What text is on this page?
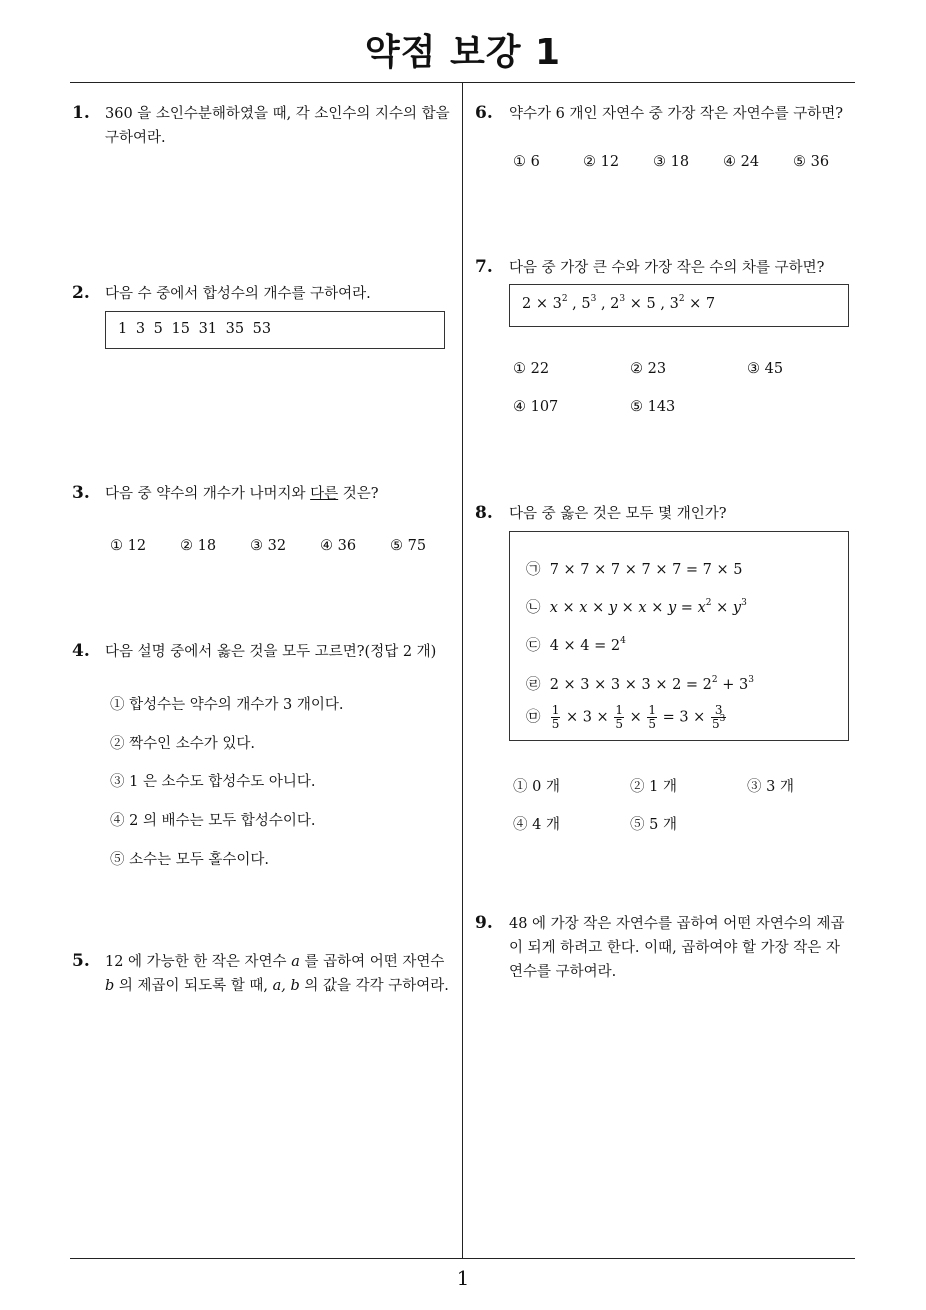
약점 보강 1
1
1. 360 을 소인수분해하였을 때, 각 소인수의 지수의 합을
구하여라.
2. 다음 수 중에서 합성수의 개수를 구하여라.
1 3 5 15 31 35 53
3. 다음 중 약수의 개수가 나머지와 다른 것은?
① 12 ② 18 ③ 32 ④ 36 ⑤ 75
4. 다음 설명 중에서 옳은 것을 모두 고르면?(정답 2 개)
① 합성수는 약수의 개수가 3 개이다.
② 짝수인 소수가 있다.
③ 1 은 소수도 합성수도 아니다.
④ 2 의 배수는 모두 합성수이다.
⑤ 소수는 모두 홀수이다.
5. 12 에 가능한 한 작은 자연수 a 를 곱하여 어떤 자연수
b 의 제곱이 되도록 할 때, a, b 의 값을 각각 구하여라.
6. 약수가 6 개인 자연수 중 가장 작은 자연수를 구하면?
① 6	② 12 ③ 18 ④ 24 ⑤ 36
7. 다음 중 가장 큰 수와 가장 작은 수의 차를 구하면?
$2 \times 3^2$ , $5^3$ , $2^3 \times 5$ , $3^2 \times 7$
① 22	② 23	③ 45
④ 107	⑤ 143
8. 다음 중 옳은 것은 모두 몇 개인가?
㉠  7 × 7 × 7 × 7 × 7 = 7 × 5
㉡  $x \times x \times y \times x \times y = x^2 \times y^3$
㉢  $4 \times 4 = 2^4$
㉣  $2 \times 3 \times 3 \times 3 \times 2 = 2^2 + 3^3$
㉤ $\frac{1}{5} \times 3 \times \frac{1}{5} \times \frac{1}{5} = 3 \times \frac{3}{5^3}$
① 0 개	② 1 개	③ 3 개
④ 4 개	⑤ 5 개
9. 48 에 가장 작은 자연수를 곱하여 어떤 자연수의 제곱
이 되게 하려고 한다. 이때, 곱하여야 할 가장 작은 자
연수를 구하여라.
